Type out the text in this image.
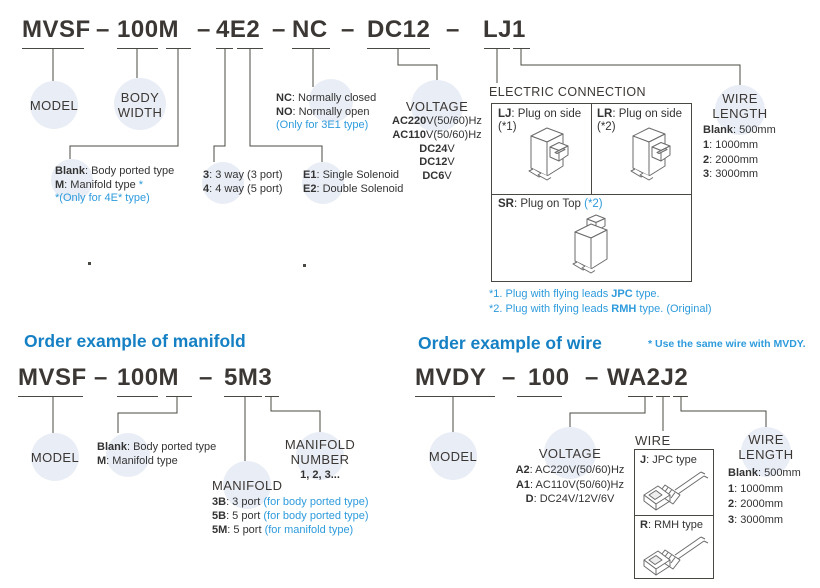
MVSF – 100M – 4E2 – NC – DC12 – LJ1
MODEL
BODY
WIDTH
Blank: Body ported type
M: Manifold type *
*(Only for 4E* type)
3: 3 way (3 port)
4: 4 way (5 port)
E1: Single Solenoid
E2: Double Solenoid
NC: Normally closed
NO: Normally open
(Only for 3E1 type)
VOLTAGE
AC220V(50/60)Hz
AC110V(50/60)Hz
DC24V
DC12V
DC6V
ELECTRIC CONNECTION
LJ: Plug on side
(*1)
LR: Plug on side
(*2)
SR: Plug on Top (*2)
*1. Plug with flying leads JPC type.
*2. Plug with flying leads RMH type. (Original)
WIRE
LENGTH
Blank: 500mm
1: 1000mm
2: 2000mm
3: 3000mm
Order example of manifold
MVSF – 100M – 5M3
MODEL
Blank: Body ported type
M: Manifold type
MANIFOLD
3B: 3 port (for body ported type)
5B: 5 port (for body ported type)
5M: 5 port (for manifold type)
MANIFOLD
NUMBER
1, 2, 3...
Order example of wire	* Use the same wire with MVDY.
MVDY – 100 – WA2J2
MODEL	VOLTAGE
A2: AC220V(50/60)Hz
A1: AC110V(50/60)Hz
D: DC24V/12V/6V
WIRE
J: JPC type
R: RMH type
WIRE
LENGTH
Blank: 500mm
1: 1000mm
2: 2000mm
3: 3000mm
